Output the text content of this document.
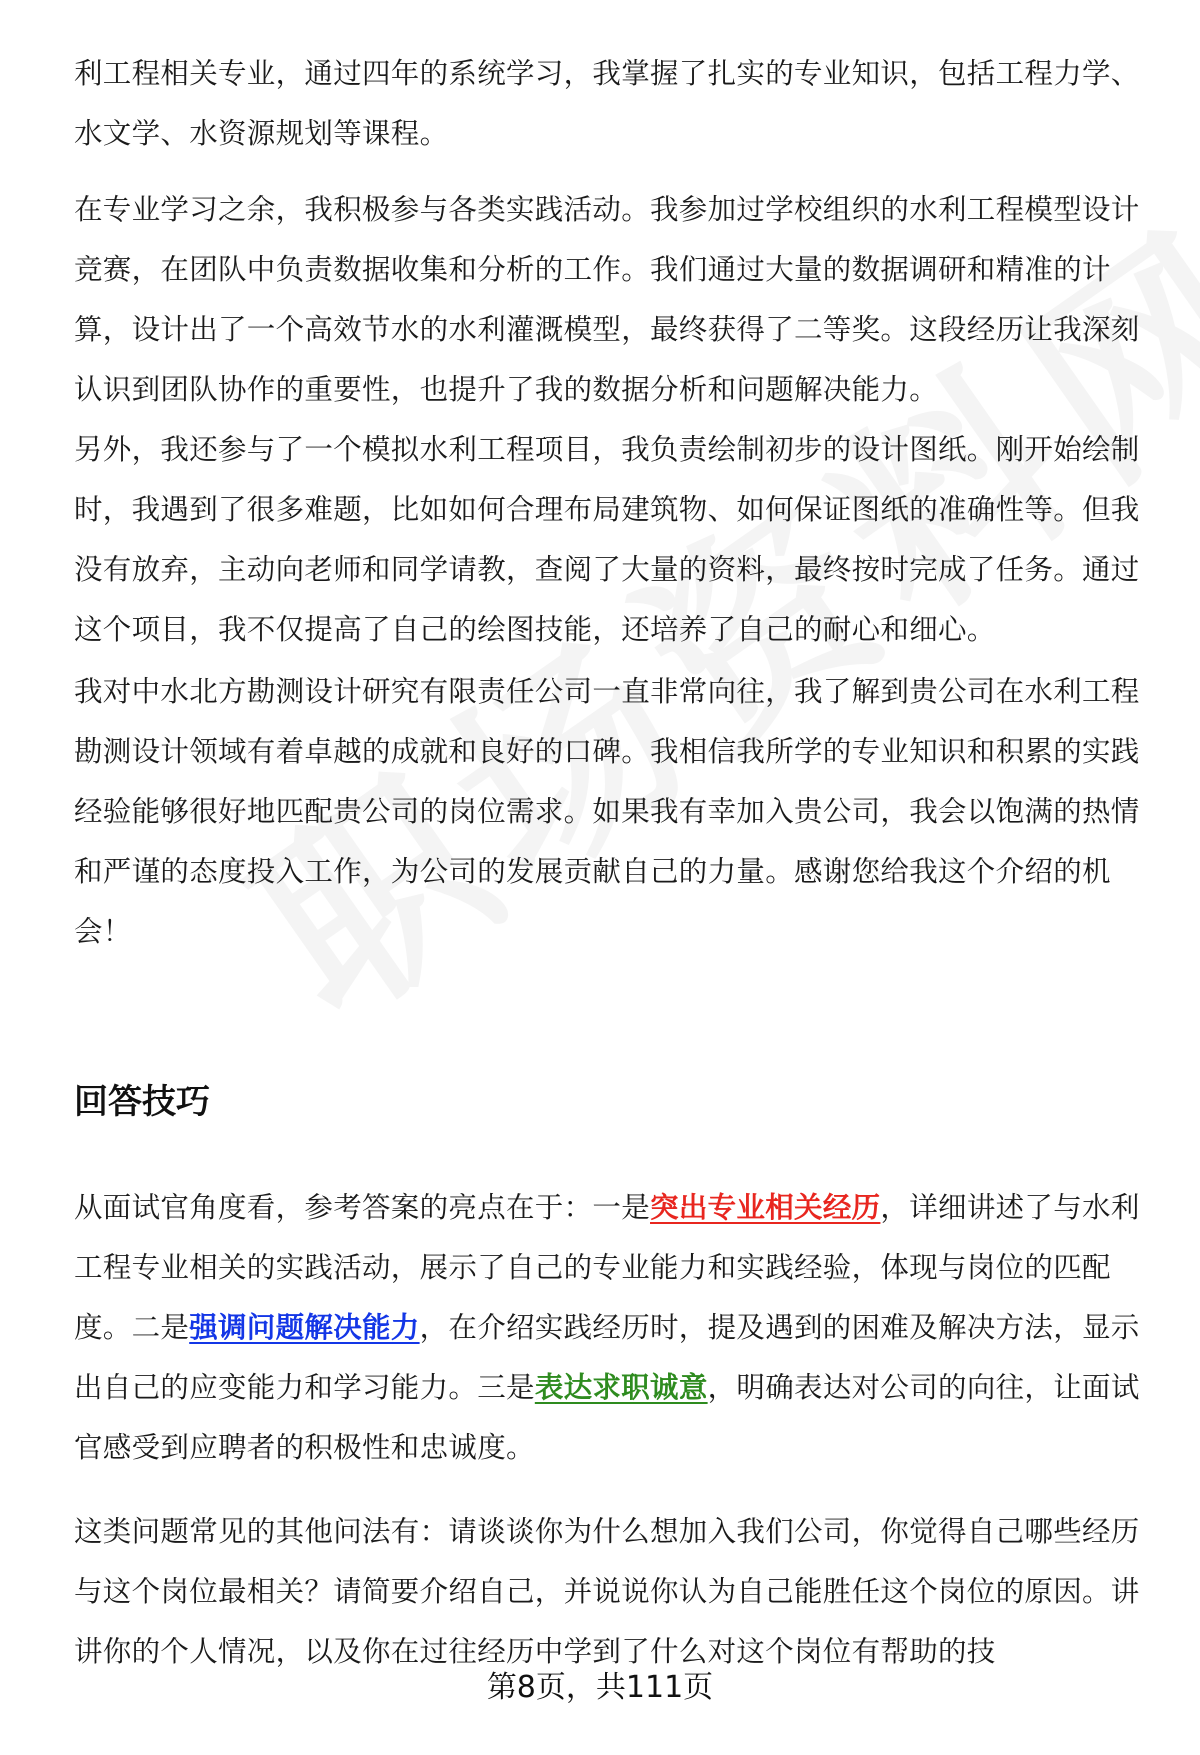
利工程相关专业，通过四年的系统学习，我掌握了扎实的专业知识，包括工程力学、水文学、水资源规划等课程。

在专业学习之余，我积极参与各类实践活动。我参加过学校组织的水利工程模型设计竞赛，在团队中负责数据收集和分析的工作。我们通过大量的数据调研和精准的计算，设计出了一个高效节水的水利灌溉模型，最终获得了二等奖。这段经历让我深刻认识到团队协作的重要性，也提升了我的数据分析和问题解决能力。

另外，我还参与了一个模拟水利工程项目，我负责绘制初步的设计图纸。刚开始绘制时，我遇到了很多难题，比如如何合理布局建筑物、如何保证图纸的准确性等。但我没有放弃，主动向老师和同学请教，查阅了大量的资料，最终按时完成了任务。通过这个项目，我不仅提高了自己的绘图技能，还培养了自己的耐心和细心。

我对中水北方勘测设计研究有限责任公司一直非常向往，我了解到贵公司在水利工程勘测设计领域有着卓越的成就和良好的口碑。我相信我所学的专业知识和积累的实践经验能够很好地匹配贵公司的岗位需求。如果我有幸加入贵公司，我会以饱满的热情和严谨的态度投入工作，为公司的发展贡献自己的力量。感谢您给我这个介绍的机会！

回答技巧

从面试官角度看，参考答案的亮点在于：一是突出专业相关经历，详细讲述了与水利工程专业相关的实践活动，展示了自己的专业能力和实践经验，体现与岗位的匹配度。二是强调问题解决能力，在介绍实践经历时，提及遇到的困难及解决方法，显示出自己的应变能力和学习能力。三是表达求职诚意，明确表达对公司的向往，让面试官感受到应聘者的积极性和忠诚度。

这类问题常见的其他问法有：请谈谈你为什么想加入我们公司，你觉得自己哪些经历与这个岗位最相关？请简要介绍自己，并说说你认为自己能胜任这个岗位的原因。讲讲你的个人情况，以及你在过往经历中学到了什么对这个岗位有帮助的技

第8页，共111页
